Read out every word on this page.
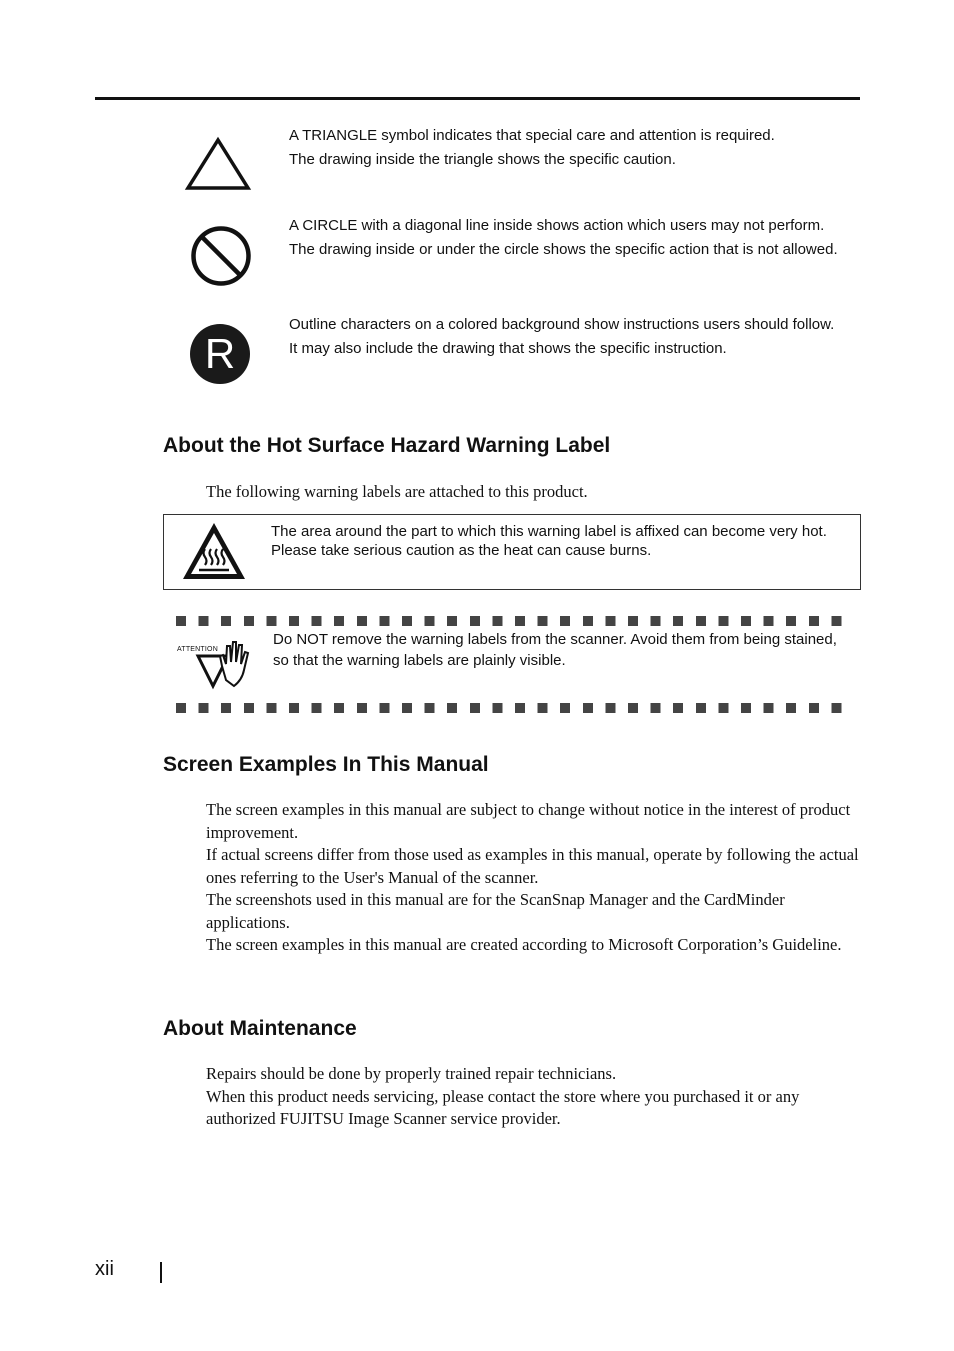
A TRIANGLE symbol indicates that special care and attention is required.

The drawing inside the triangle shows the specific caution.

A CIRCLE with a diagonal line inside shows action which users may not perform.

The drawing inside or under the circle shows the specific action that is not allowed.

R

Outline characters on a colored background show instructions users should follow.

It may also include the drawing that shows the specific instruction.

About the Hot Surface Hazard Warning Label

The following warning labels are attached to this product.

The area around the part to which this warning label is affixed can become very hot.

Please take serious caution as the heat can cause burns.

ATTENTION

Do NOT remove the warning labels from the scanner. Avoid them from being stained, so that the warning labels are plainly visible.

Screen Examples In This Manual

The screen examples in this manual are subject to change without notice in the interest of product improvement.

If actual screens differ from those used as examples in this manual, operate by following the actual ones referring to the User's Manual of the scanner.

The screenshots used in this manual are for the ScanSnap Manager and the CardMinder applications.

The screen examples in this manual are created according to Microsoft Corporation’s Guideline.

About Maintenance

Repairs should be done by properly trained repair technicians.

When this product needs servicing, please contact the store where you purchased it or any authorized FUJITSU Image Scanner service provider.

xii
